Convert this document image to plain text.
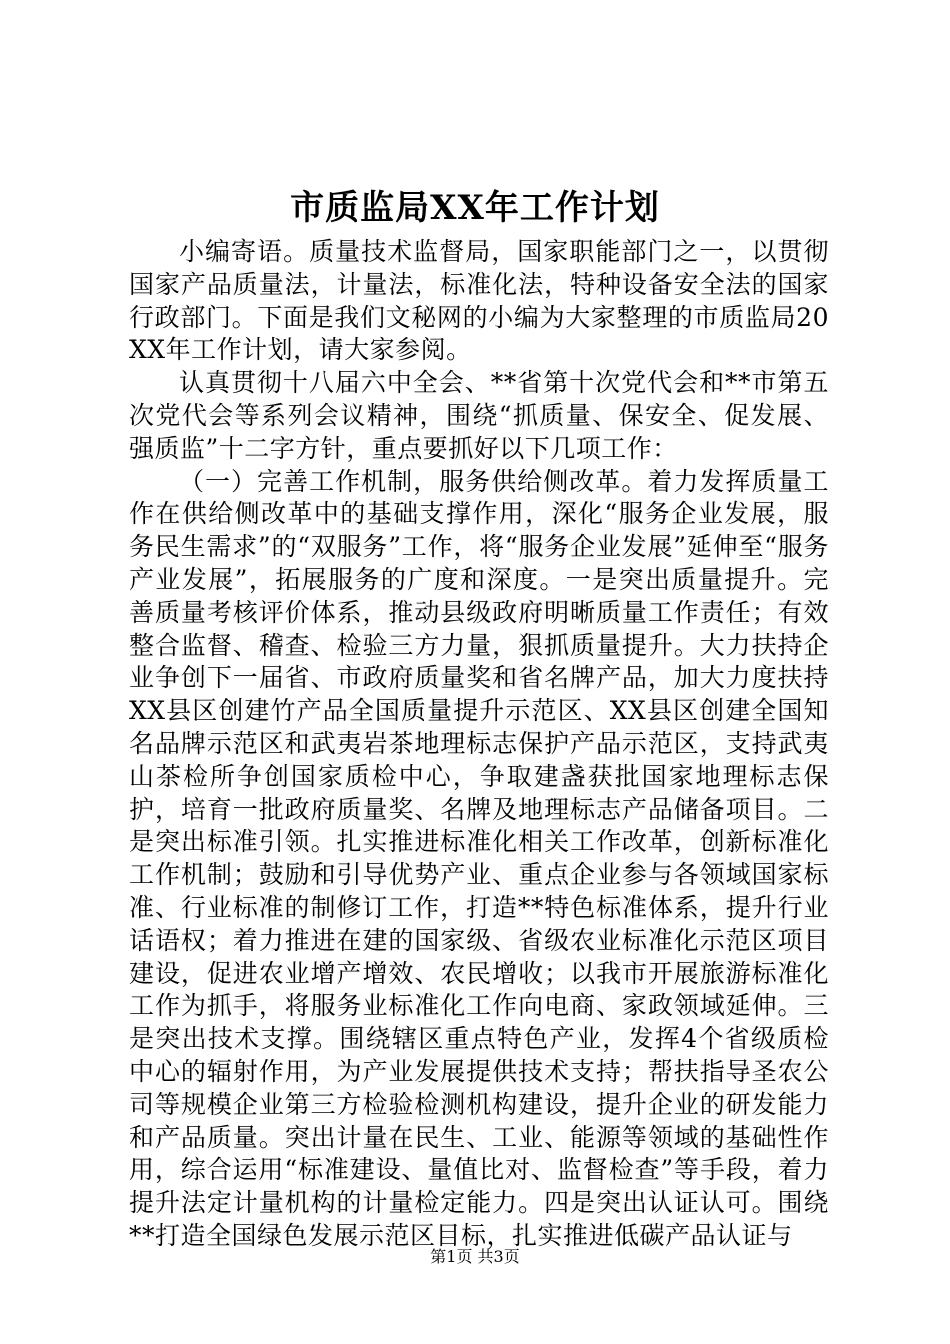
市质监局XX年工作计划

小编寄语。质量技术监督局，国家职能部门之一，以贯彻国家产品质量法，计量法，标准化法，特种设备安全法的国家行政部门。下面是我们文秘网的小编为大家整理的市质监局20XX年工作计划，请大家参阅。

认真贯彻十八届六中全会、**省第十次党代会和**市第五次党代会等系列会议精神，围绕“抓质量、保安全、促发展、强质监”十二字方针，重点要抓好以下几项工作：

（一）完善工作机制，服务供给侧改革。着力发挥质量工作在供给侧改革中的基础支撑作用，深化“服务企业发展，服务民生需求”的“双服务”工作，将“服务企业发展”延伸至“服务产业发展”，拓展服务的广度和深度。一是突出质量提升。完善质量考核评价体系，推动县级政府明晰质量工作责任；有效整合监督、稽查、检验三方力量，狠抓质量提升。大力扶持企业争创下一届省、市政府质量奖和省名牌产品，加大力度扶持XX县区创建竹产品全国质量提升示范区、XX县区创建全国知名品牌示范区和武夷岩茶地理标志保护产品示范区，支持武夷山茶检所争创国家质检中心，争取建盏获批国家地理标志保护，培育一批政府质量奖、名牌及地理标志产品储备项目。二是突出标准引领。扎实推进标准化相关工作改革，创新标准化工作机制；鼓励和引导优势产业、重点企业参与各领域国家标准、行业标准的制修订工作，打造**特色标准体系，提升行业话语权；着力推进在建的国家级、省级农业标准化示范区项目建设，促进农业增产增效、农民增收；以我市开展旅游标准化工作为抓手，将服务业标准化工作向电商、家政领域延伸。三是突出技术支撑。围绕辖区重点特色产业，发挥4个省级质检中心的辐射作用，为产业发展提供技术支持；帮扶指导圣农公司等规模企业第三方检验检测机构建设，提升企业的研发能力和产品质量。突出计量在民生、工业、能源等领域的基础性作用，综合运用“标准建设、量值比对、监督检查”等手段，着力提升法定计量机构的计量检定能力。四是突出认证认可。围绕**打造全国绿色发展示范区目标，扎实推进低碳产品认证与

第1页 共3页
